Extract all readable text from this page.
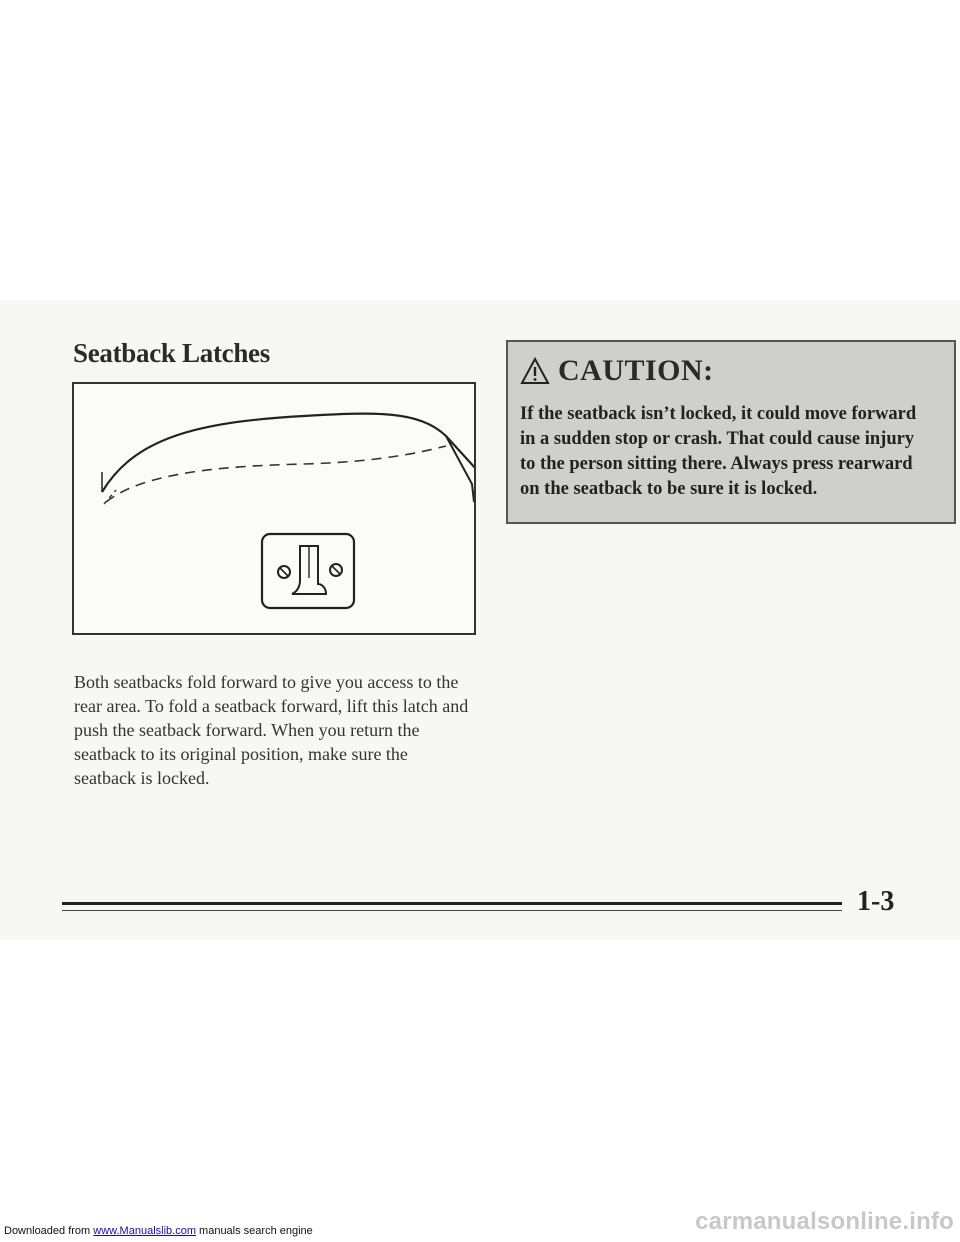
Seatback Latches

Both seatbacks fold forward to give you access to the rear area. To fold a seatback forward, lift this latch and push the seatback forward. When you return the seatback to its original position, make sure the seatback is locked.

CAUTION:

If the seatback isn’t locked, it could move forward in a sudden stop or crash. That could cause injury to the person sitting there. Always press rearward on the seatback to be sure it is locked.

1-3

Downloaded from www.Manualslib.com manuals search engine	carmanualsonline.info
